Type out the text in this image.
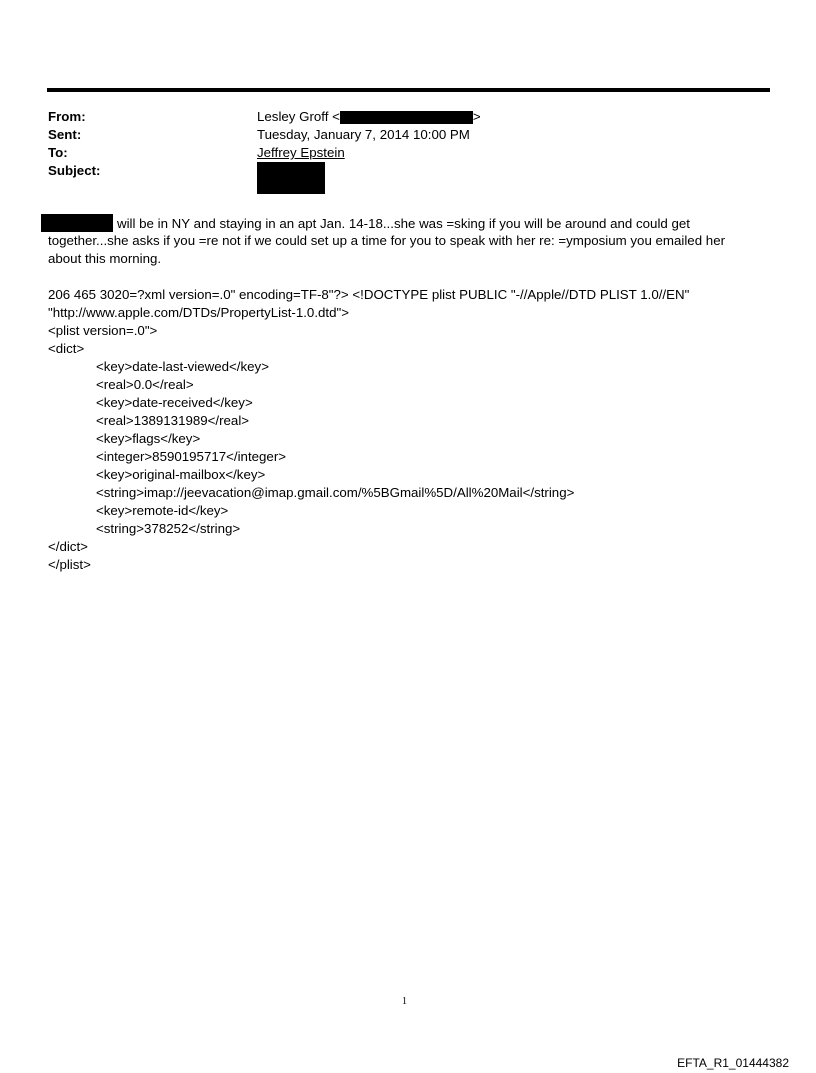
From:	Lesley Groff <	>
Sent:	Tuesday, January 7, 2014 10:00 PM
To:	Jeffrey Epstein
Subject:
will be in NY and staying in an apt Jan. 14-18...she was =sking if you will be around and could get
together...she asks if you =re not if we could set up a time for you to speak with her re: =ymposium you emailed her
about this morning.
206 465 3020=?xml version=.0" encoding=TF-8"?> <!DOCTYPE plist PUBLIC "-//Apple//DTD PLIST 1.0//EN"
"http://www.apple.com/DTDs/PropertyList-1.0.dtd">
<plist version=.0">
<dict>
<key>date-last-viewed</key>
<real>0.0</real>
<key>date-received</key>
<real>1389131989</real>
<key>flags</key>
<integer>8590195717</integer>
<key>original-mailbox</key>
<string>imap://jeevacation@imap.gmail.com/%5BGmail%5D/All%20Mail</string>
<key>remote-id</key>
<string>378252</string>
</dict>
</plist>
1
EFTA_R1_01444382
